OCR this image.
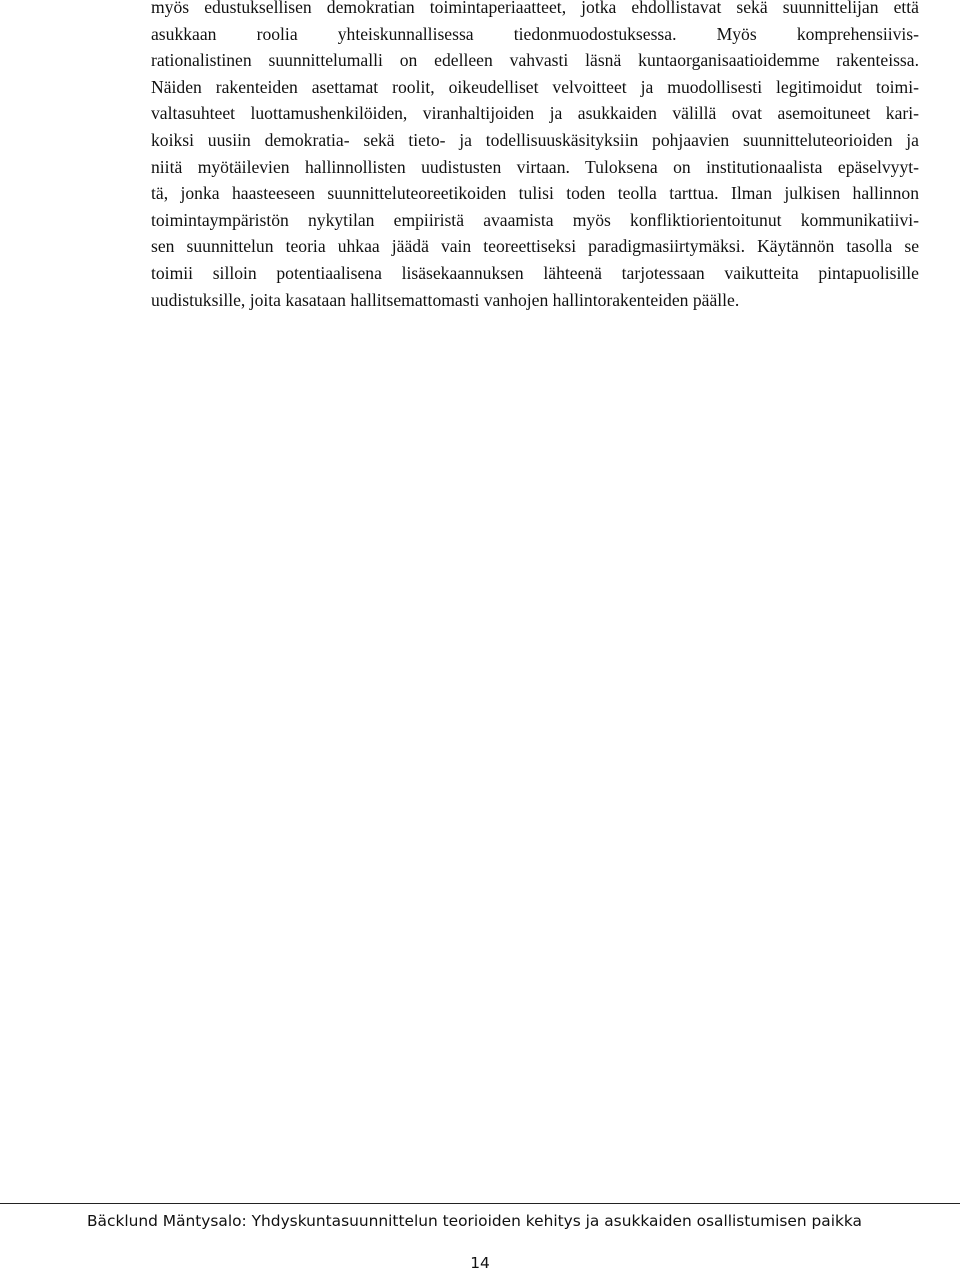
myös edustuksellisen demokratian toimintaperiaatteet, jotka ehdollistavat sekä suunnittelijan että
asukkaan roolia yhteiskunnallisessa tiedonmuodostuksessa. Myös komprehensiivis-
rationalistinen suunnittelumalli on edelleen vahvasti läsnä kuntaorganisaatioidemme rakenteissa.
Näiden rakenteiden asettamat roolit, oikeudelliset velvoitteet ja muodollisesti legitimoidut toimi-
valtasuhteet luottamushenkilöiden, viranhaltijoiden ja asukkaiden välillä ovat asemoituneet kari-
koiksi uusiin demokratia- sekä tieto- ja todellisuuskäsityksiin pohjaavien suunnitteluteorioiden ja
niitä myötäilevien hallinnollisten uudistusten virtaan. Tuloksena on institutionaalista epäselvyyt-
tä, jonka haasteeseen suunnitteluteoreetikoiden tulisi toden teolla tarttua. Ilman julkisen hallinnon
toimintaympäristön nykytilan empiiristä avaamista myös konfliktiorientoitunut kommunikatiivi-
sen suunnittelun teoria uhkaa jäädä vain teoreettiseksi paradigmasiirtymäksi. Käytännön tasolla se
toimii silloin potentiaalisena lisäsekaannuksen lähteenä tarjotessaan vaikutteita pintapuolisille
uudistuksille, joita kasataan hallitsemattomasti vanhojen hallintorakenteiden päälle.
Bäcklund Mäntysalo: Yhdyskuntasuunnittelun teorioiden kehitys ja asukkaiden osallistumisen paikka
14
